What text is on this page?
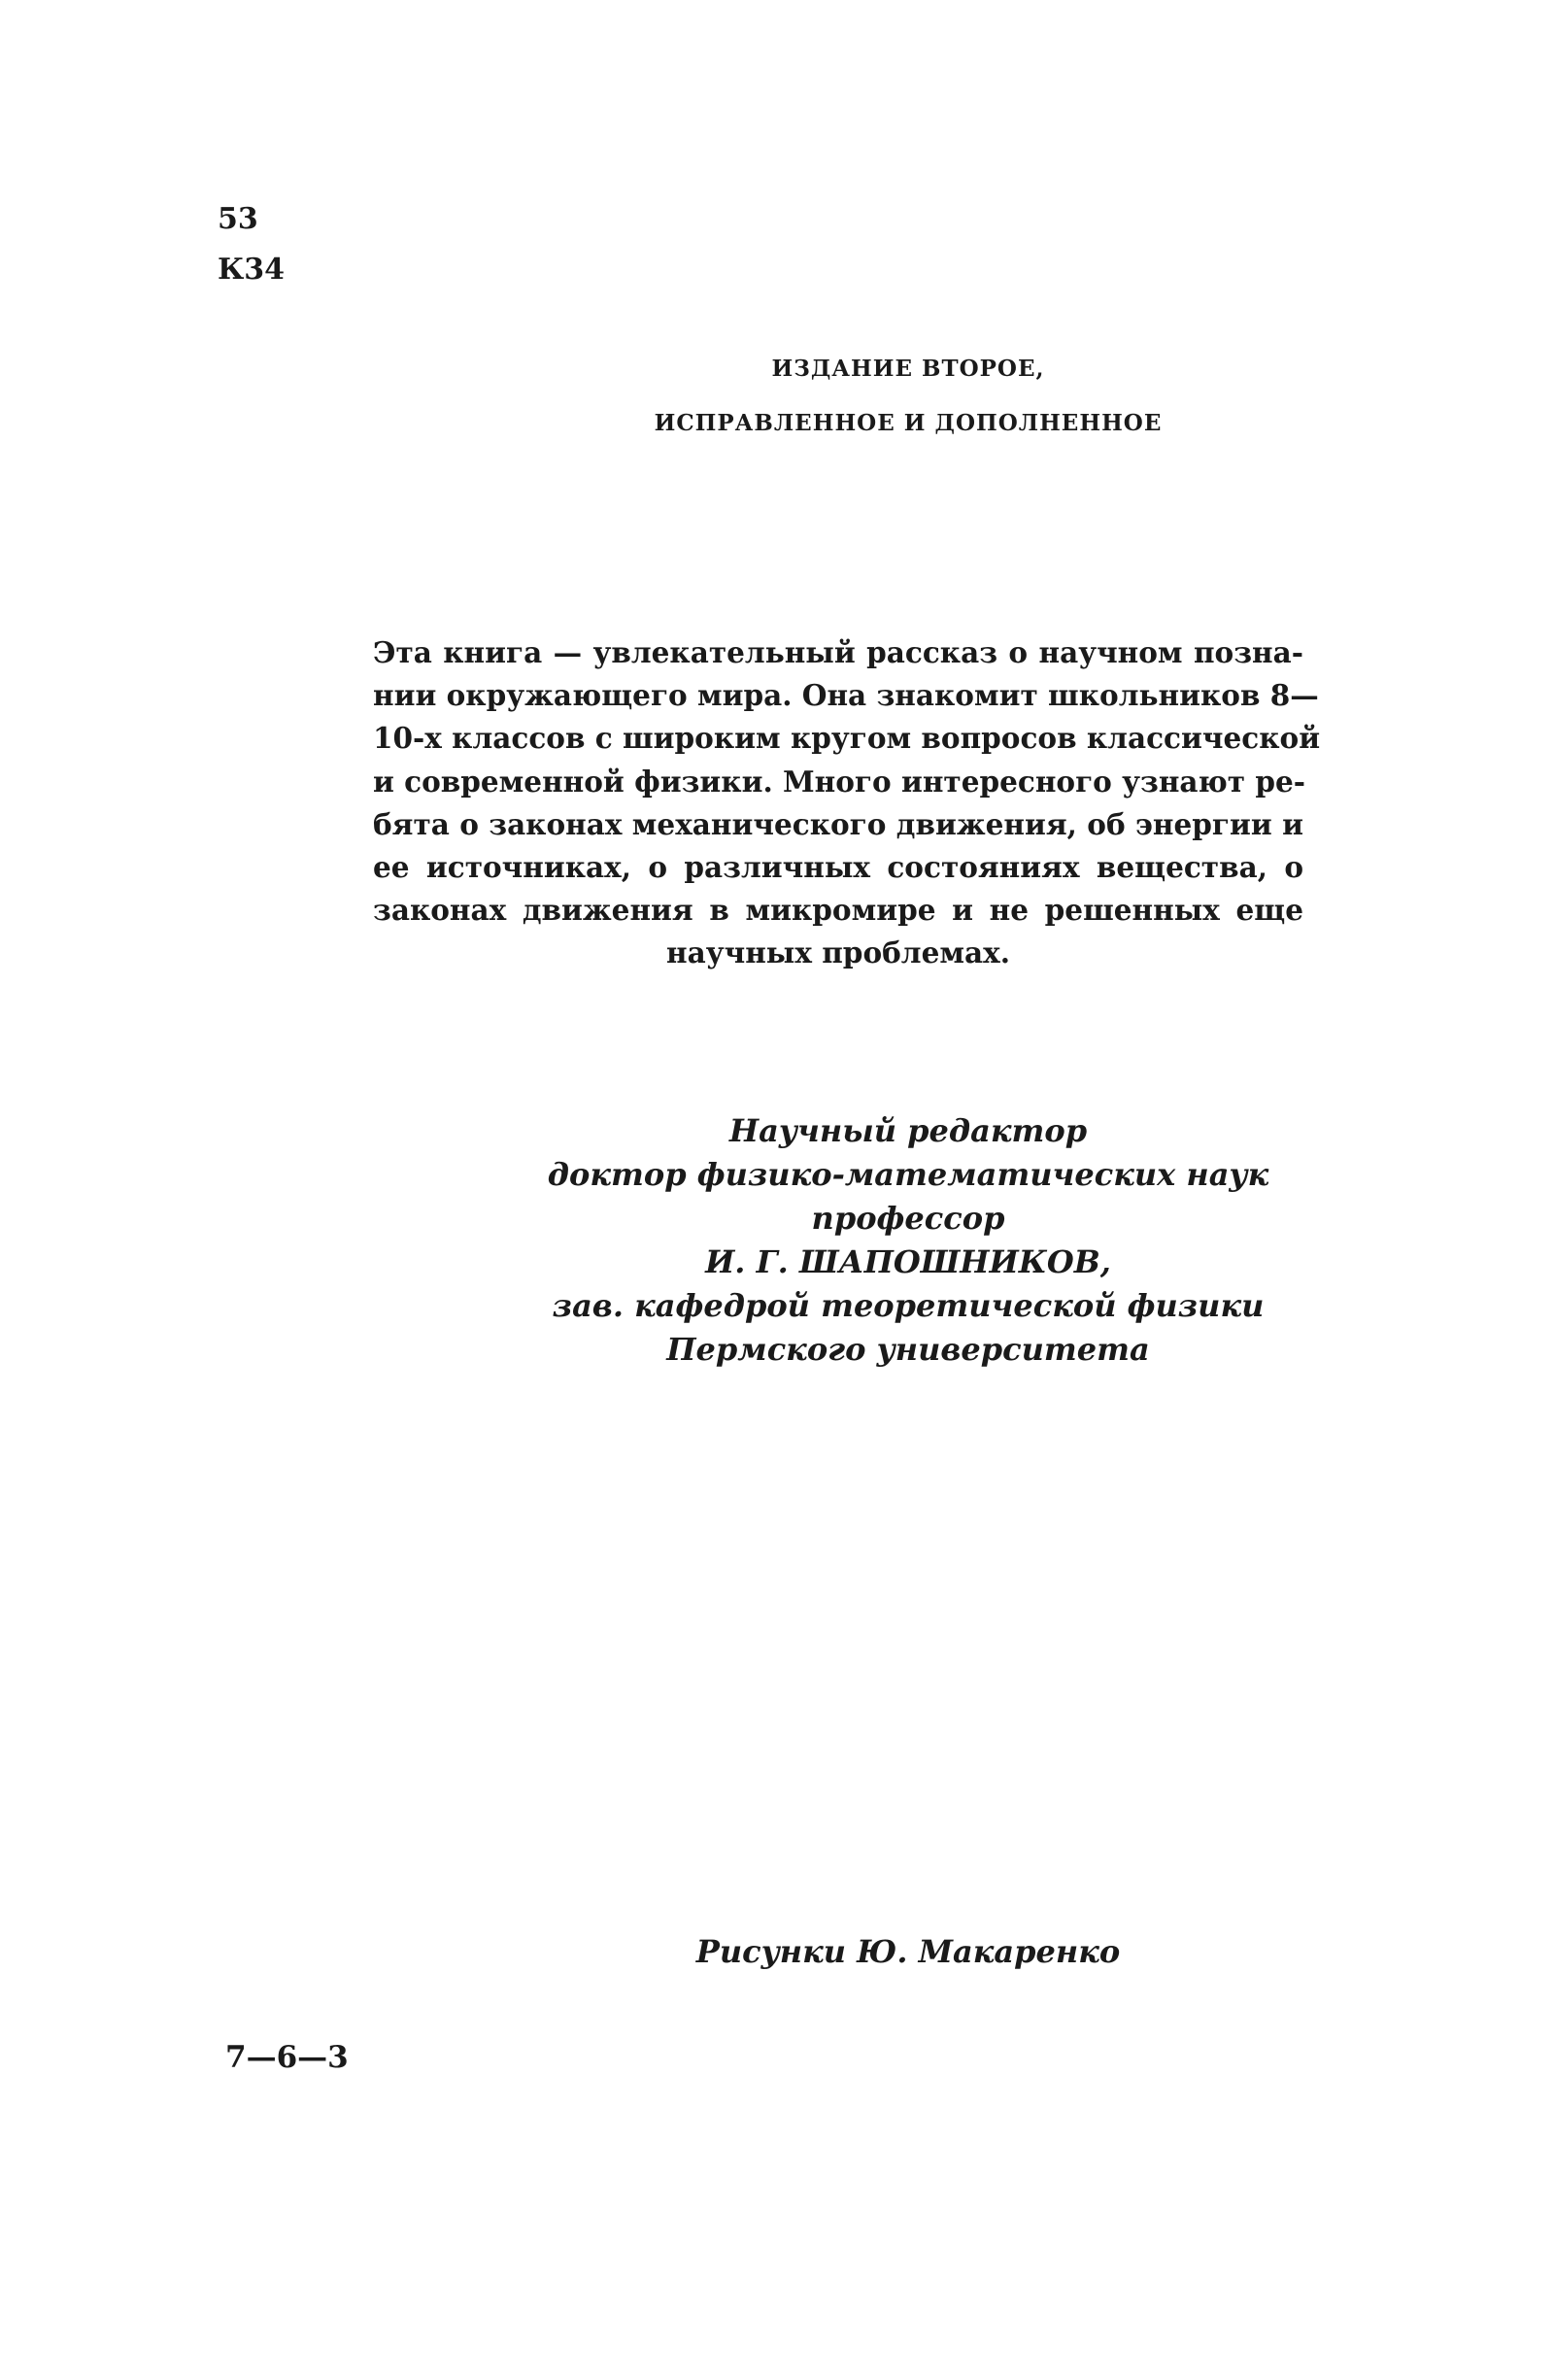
53
К34
ИЗДАНИЕ ВТОРОЕ,
ИСПРАВЛЕННОЕ И ДОПОЛНЕННОЕ
Эта книга — увлекательный рассказ о научном позна-
нии окружающего мира. Она знакомит школьников 8—
10-х классов с широким кругом вопросов классической
и современной физики. Много интересного узнают ре-
бята о законах механического движения, об энергии и
ее источниках, о различных состояниях вещества, о
законах движения в микромире и не решенных еще
научных проблемах.
Научный редактор
доктор физико-математических наук
профессор
И. Г. ШАПОШНИКОВ,
зав. кафедрой теоретической физики
Пермского университета
Рисунки Ю. Макаренко
7—6—3
